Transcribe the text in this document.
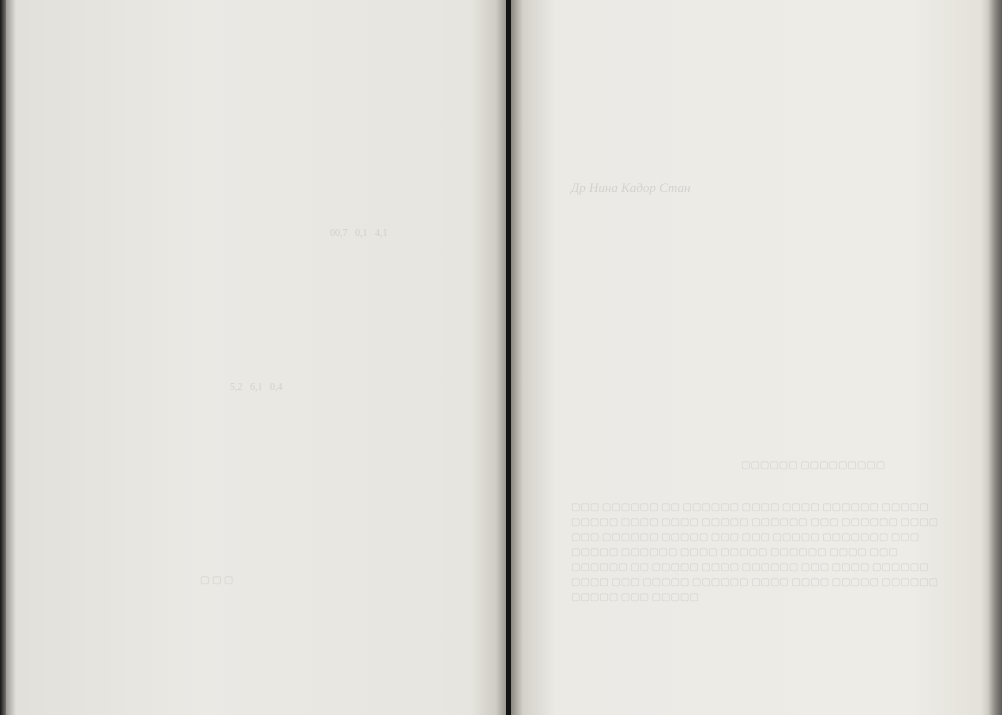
00,7   0,1   4,1
5,2   6,1   0,4
▢ ▢ ▢
Др Нина Кадор Стан
▢▢▢▢▢▢ ▢▢▢▢▢▢▢▢▢
▢▢▢ ▢▢▢▢▢▢ ▢▢ ▢▢▢▢▢▢ ▢▢▢▢ ▢▢▢▢ ▢▢▢▢▢▢ ▢▢▢▢▢ ▢▢▢▢▢ ▢▢▢▢ ▢▢▢▢ ▢▢▢▢▢ ▢▢▢▢▢▢ ▢▢▢ ▢▢▢▢▢▢ ▢▢▢▢ ▢▢▢ ▢▢▢▢▢▢ ▢▢▢▢▢ ▢▢▢ ▢▢▢ ▢▢▢▢▢ ▢▢▢▢▢▢▢ ▢▢▢ ▢▢▢▢▢ ▢▢▢▢▢▢ ▢▢▢▢ ▢▢▢▢▢ ▢▢▢▢▢▢ ▢▢▢▢ ▢▢▢ ▢▢▢▢▢▢ ▢▢ ▢▢▢▢▢ ▢▢▢▢ ▢▢▢▢▢▢ ▢▢▢ ▢▢▢▢ ▢▢▢▢▢▢ ▢▢▢▢ ▢▢▢ ▢▢▢▢▢ ▢▢▢▢▢▢ ▢▢▢▢ ▢▢▢▢ ▢▢▢▢▢ ▢▢▢▢▢▢ ▢▢▢▢▢ ▢▢▢ ▢▢▢▢▢
